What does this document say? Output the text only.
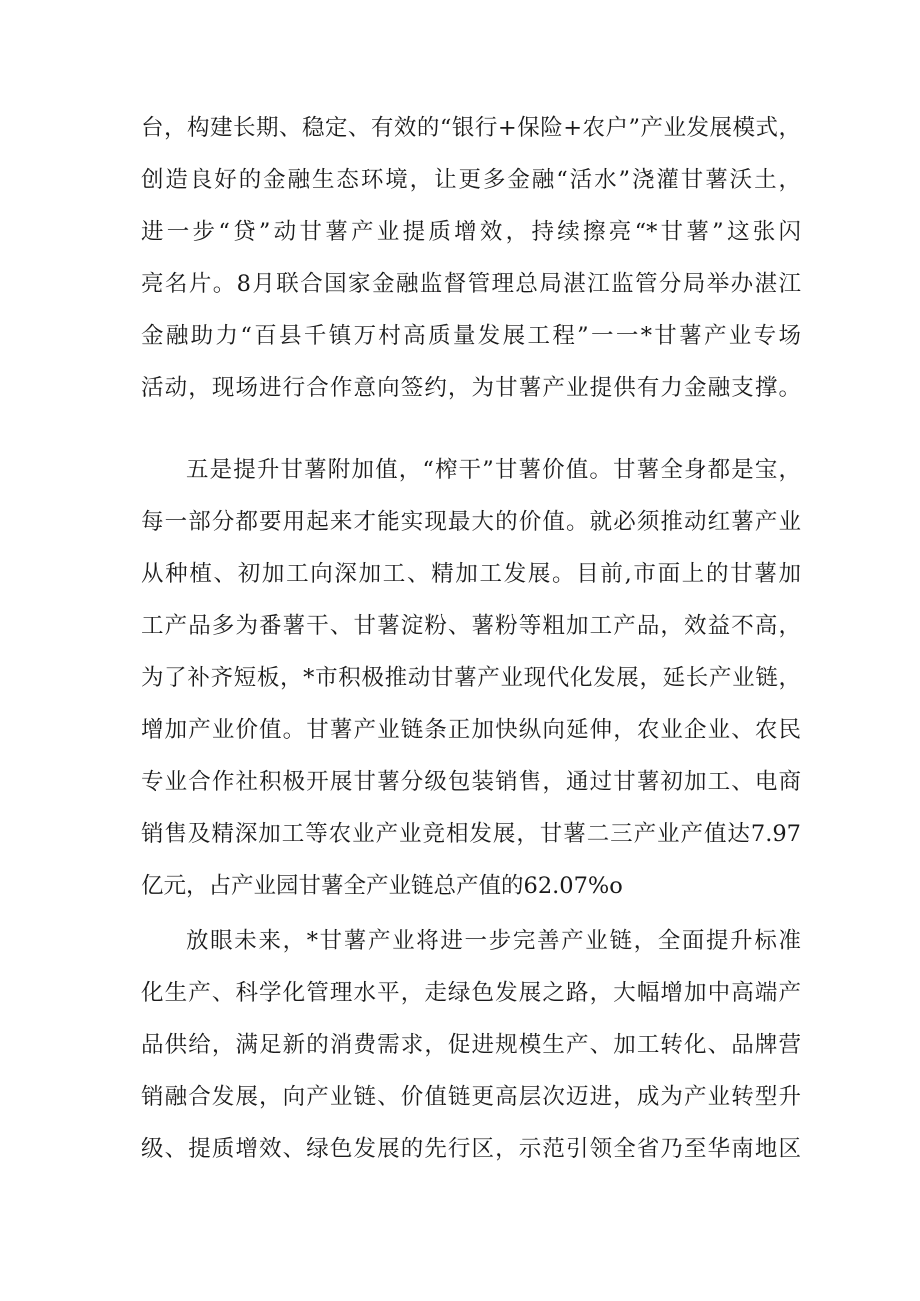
台，构建长期、稳定、有效的“银行+保险+农户”产业发展模式，
创造良好的金融生态环境，让更多金融“活水”浇灌甘薯沃土，
进一步“贷”动甘薯产业提质增效，持续擦亮“*甘薯”这张闪
亮名片。8月联合国家金融监督管理总局湛江监管分局举办湛江
金融助力“百县千镇万村高质量发展工程”一一*甘薯产业专场
活动，现场进行合作意向签约，为甘薯产业提供有力金融支撑。
五是提升甘薯附加值，“榨干”甘薯价值。甘薯全身都是宝，
每一部分都要用起来才能实现最大的价值。就必须推动红薯产业
从种植、初加工向深加工、精加工发展。目前,市面上的甘薯加
工产品多为番薯干、甘薯淀粉、薯粉等粗加工产品，效益不高，
为了补齐短板，*市积极推动甘薯产业现代化发展，延长产业链，
增加产业价值。甘薯产业链条正加快纵向延伸，农业企业、农民
专业合作社积极开展甘薯分级包装销售，通过甘薯初加工、电商
销售及精深加工等农业产业竞相发展，甘薯二三产业产值达7.97
亿元，占产业园甘薯全产业链总产值的62.07%o
放眼未来，*甘薯产业将进一步完善产业链，全面提升标准
化生产、科学化管理水平，走绿色发展之路，大幅增加中高端产
品供给，满足新的消费需求，促进规模生产、加工转化、品牌营
销融合发展，向产业链、价值链更高层次迈进，成为产业转型升
级、提质增效、绿色发展的先行区，示范引领全省乃至华南地区
